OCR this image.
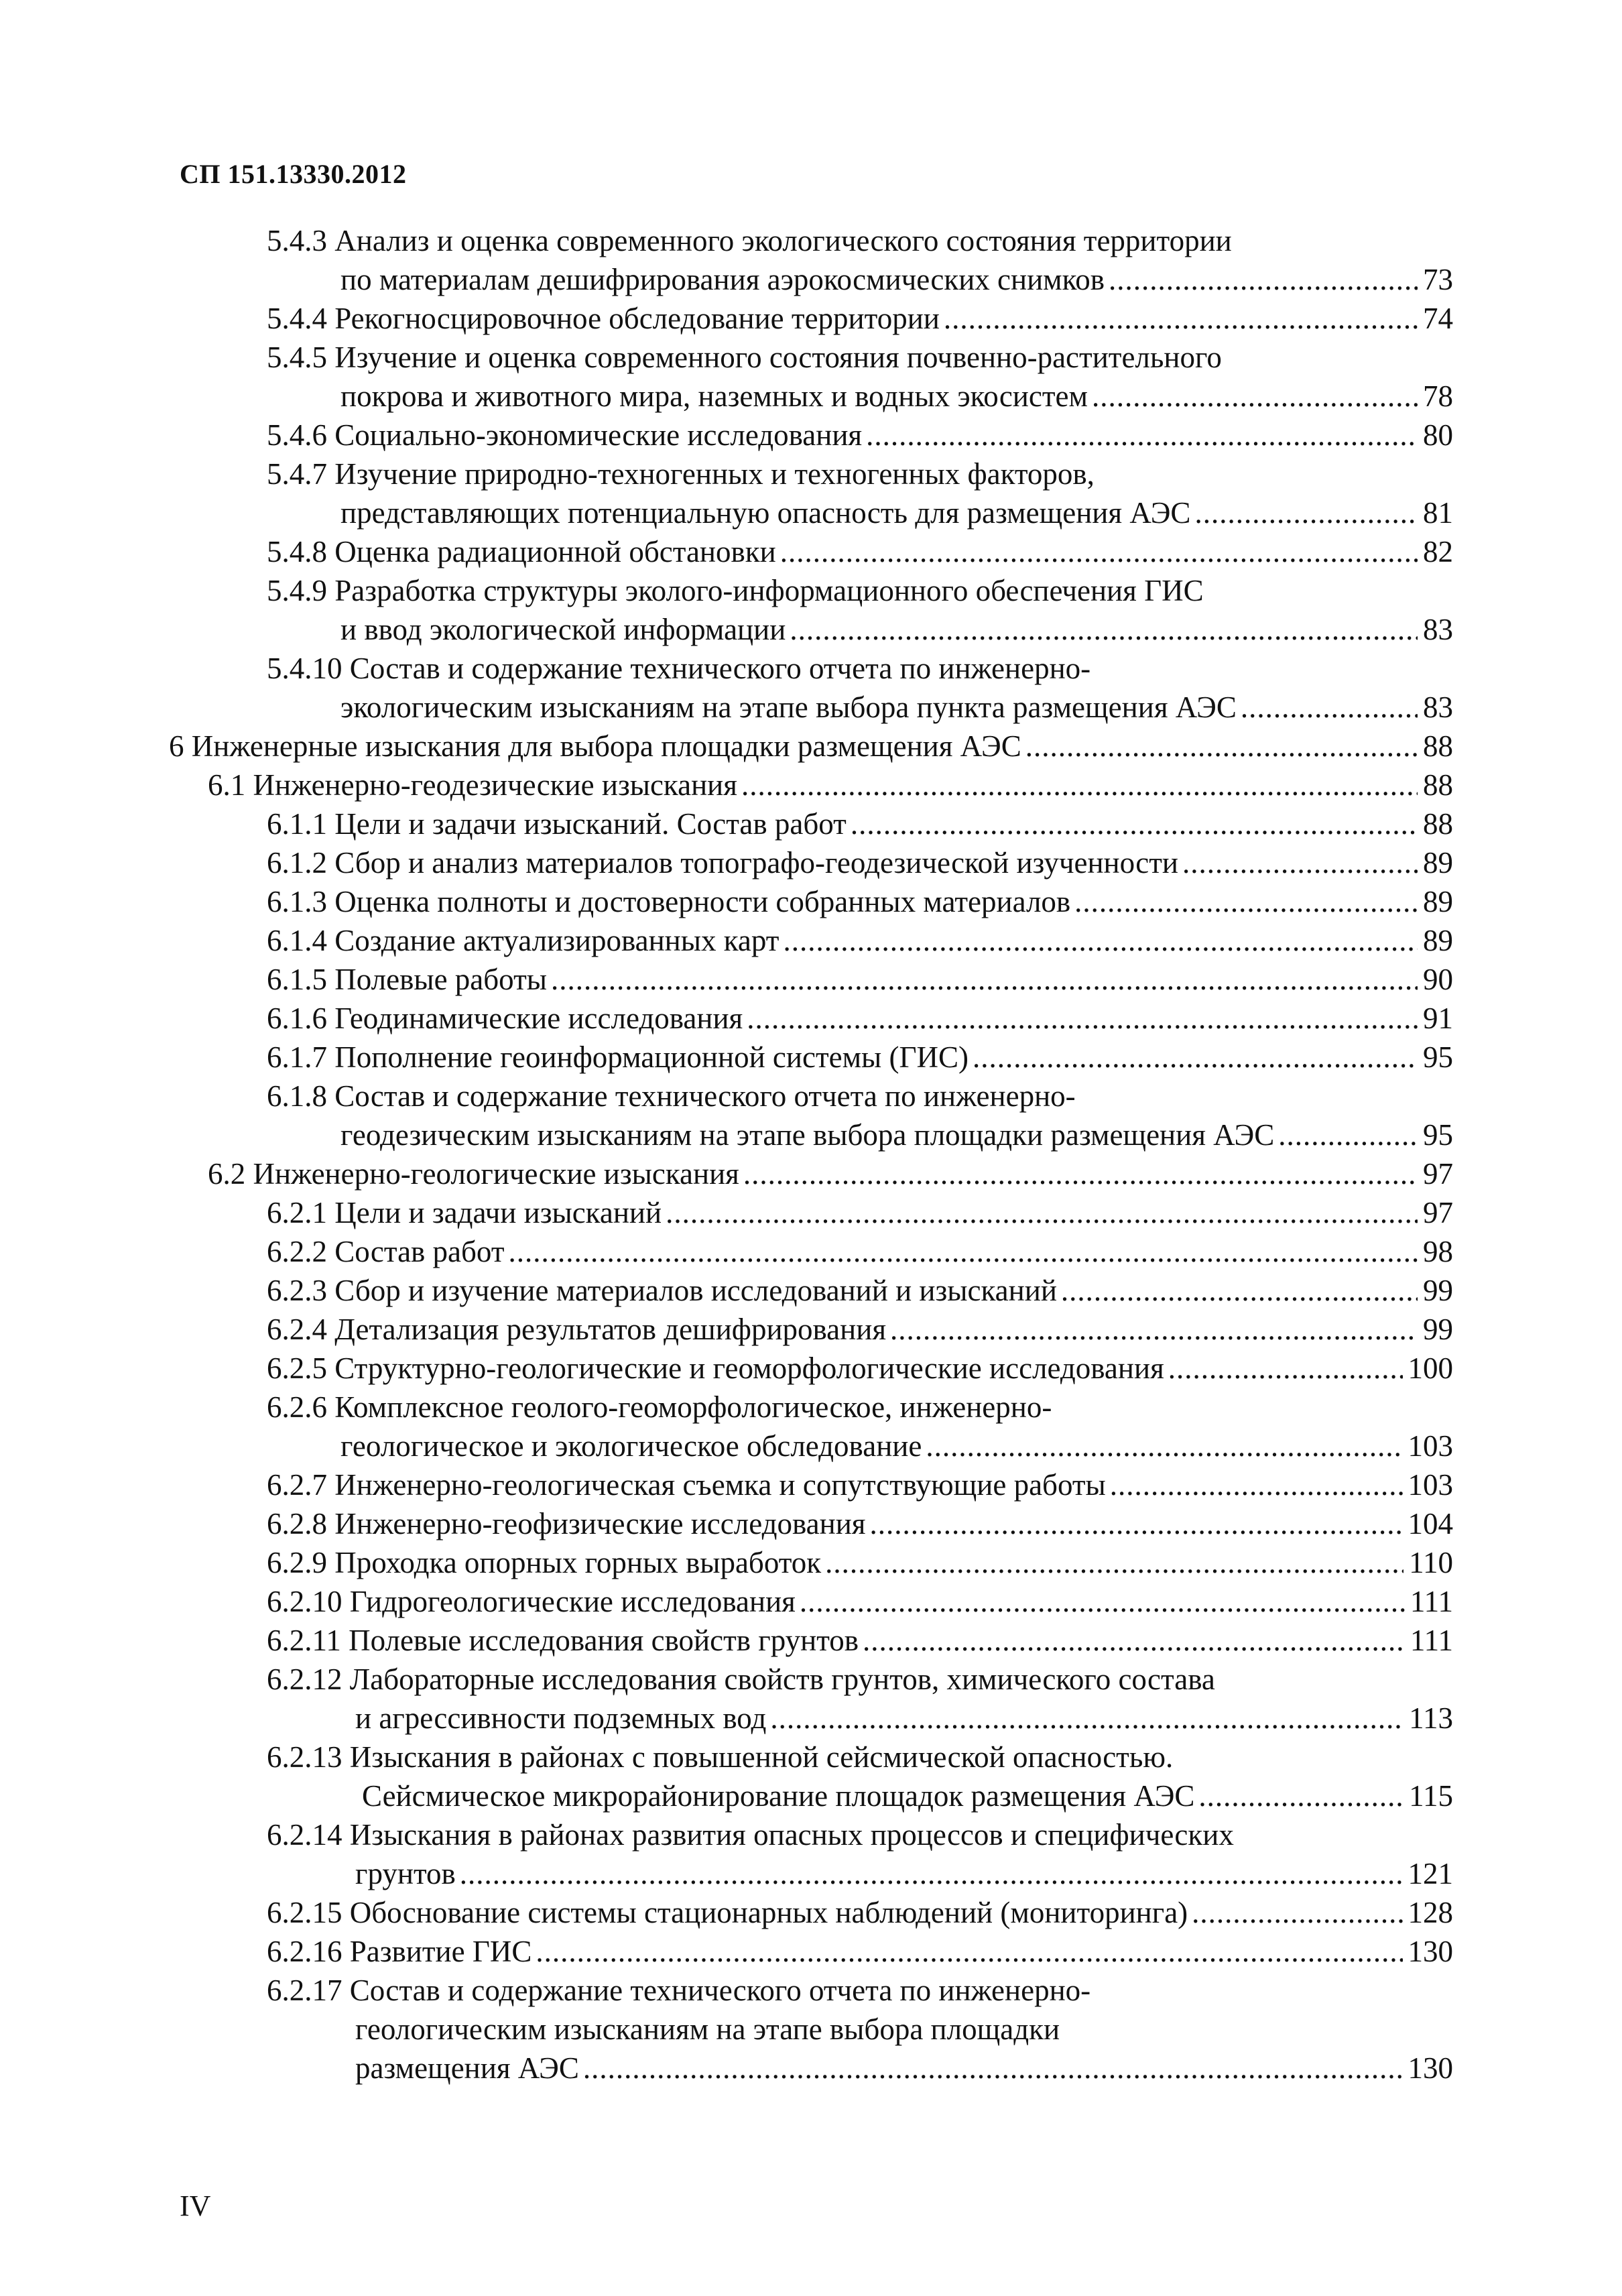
СП 151.13330.2012
5.4.3 Анализ и оценка современного экологического состояния территории
по материалам дешифрирования аэрокосмических снимков .....	73
5.4.4 Рекогносцировочное обследование территории .....	74
5.4.5 Изучение и оценка современного состояния почвенно-растительного
покрова и животного мира, наземных и водных экосистем .....	78
5.4.6 Социально-экономические исследования .....	80
5.4.7 Изучение природно-техногенных и техногенных факторов,
представляющих потенциальную опасность для размещения АЭС .....	81
5.4.8 Оценка радиационной обстановки .....	82
5.4.9 Разработка структуры эколого-информационного обеспечения ГИС
и ввод экологической информации .....	83
5.4.10 Состав и содержание технического отчета по инженерно-
экологическим изысканиям на этапе выбора пункта размещения АЭС .....	83
6 Инженерные изыскания для выбора площадки размещения АЭС .....	88
6.1 Инженерно-геодезические изыскания .....	88
6.1.1 Цели и задачи изысканий. Состав работ .....	88
6.1.2 Сбор и анализ материалов топографо-геодезической изученности .....	89
6.1.3 Оценка полноты и достоверности собранных материалов .....	89
6.1.4 Создание актуализированных карт .....	89
6.1.5 Полевые работы .....	90
6.1.6 Геодинамические исследования .....	91
6.1.7 Пополнение геоинформационной системы (ГИС) .....	95
6.1.8 Состав и содержание технического отчета по инженерно-
геодезическим изысканиям на этапе выбора площадки размещения АЭС .....	95
6.2 Инженерно-геологические изыскания .....	97
6.2.1 Цели и задачи изысканий .....	97
6.2.2 Состав работ .....	98
6.2.3 Сбор и изучение материалов исследований и изысканий .....	99
6.2.4 Детализация результатов дешифрирования .....	99
6.2.5 Структурно-геологические и геоморфологические исследования .....	100
6.2.6 Комплексное геолого-геоморфологическое, инженерно-
геологическое и экологическое обследование .....	103
6.2.7 Инженерно-геологическая съемка и сопутствующие работы .....	103
6.2.8 Инженерно-геофизические исследования .....	104
6.2.9 Проходка опорных горных выработок .....	110
6.2.10 Гидрогеологические исследования .....	111
6.2.11 Полевые исследования свойств грунтов .....	111
6.2.12 Лабораторные исследования свойств грунтов, химического состава
и агрессивности подземных вод .....	113
6.2.13 Изыскания в районах с повышенной сейсмической опасностью.
Сейсмическое микрорайонирование площадок размещения АЭС .....	115
6.2.14 Изыскания в районах развития опасных процессов и специфических
грунтов .....	121
6.2.15 Обоснование системы стационарных наблюдений (мониторинга) .....	128
6.2.16 Развитие ГИС .....	130
6.2.17 Состав и содержание технического отчета по инженерно-
геологическим изысканиям на этапе выбора площадки
размещения АЭС .....	130
IV
